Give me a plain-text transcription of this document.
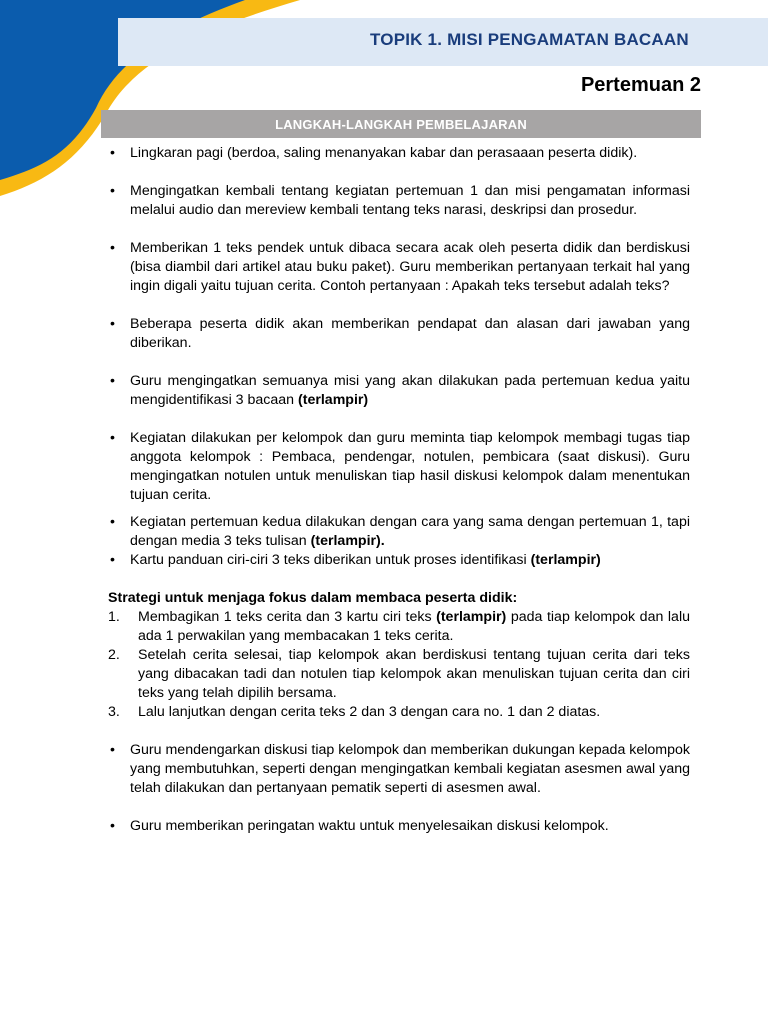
TOPIK 1. MISI PENGAMATAN BACAAN
Pertemuan 2
LANGKAH-LANGKAH PEMBELAJARAN
• Lingkaran pagi (berdoa, saling menanyakan kabar dan perasaaan peserta didik).
• Mengingatkan kembali tentang kegiatan pertemuan 1 dan misi pengamatan informasi melalui audio dan mereview kembali tentang teks narasi, deskripsi dan prosedur.
• Memberikan 1 teks pendek untuk dibaca secara acak oleh peserta didik dan berdiskusi (bisa diambil dari artikel atau buku paket). Guru memberikan pertanyaan terkait hal yang ingin digali yaitu tujuan cerita. Contoh pertanyaan : Apakah teks tersebut adalah teks?
• Beberapa peserta didik akan memberikan pendapat dan alasan dari jawaban yang diberikan.
• Guru mengingatkan semuanya misi yang akan dilakukan pada pertemuan kedua yaitu mengidentifikasi 3 bacaan (terlampir)
• Kegiatan dilakukan per kelompok dan guru meminta tiap kelompok membagi tugas tiap anggota kelompok : Pembaca, pendengar, notulen, pembicara (saat diskusi). Guru mengingatkan notulen untuk menuliskan tiap hasil diskusi kelompok dalam menentukan tujuan cerita.
• Kegiatan pertemuan kedua dilakukan dengan cara yang sama dengan pertemuan 1, tapi dengan media 3 teks tulisan (terlampir).
• Kartu panduan ciri-ciri 3 teks diberikan untuk proses identifikasi (terlampir)
Strategi untuk menjaga fokus dalam membaca peserta didik:
1. Membagikan 1 teks cerita dan 3 kartu ciri teks (terlampir) pada tiap kelompok dan lalu ada 1 perwakilan yang membacakan 1 teks cerita.
2. Setelah cerita selesai, tiap kelompok akan berdiskusi tentang tujuan cerita dari teks yang dibacakan tadi dan notulen tiap kelompok akan menuliskan tujuan cerita dan ciri teks yang telah dipilih bersama.
3. Lalu lanjutkan dengan cerita teks 2 dan 3 dengan cara no. 1 dan 2 diatas.
• Guru mendengarkan diskusi tiap kelompok dan memberikan dukungan kepada kelompok yang membutuhkan, seperti dengan mengingatkan kembali kegiatan asesmen awal yang telah dilakukan dan pertanyaan pematik seperti di asesmen awal.
• Guru memberikan peringatan waktu untuk menyelesaikan diskusi kelompok.
